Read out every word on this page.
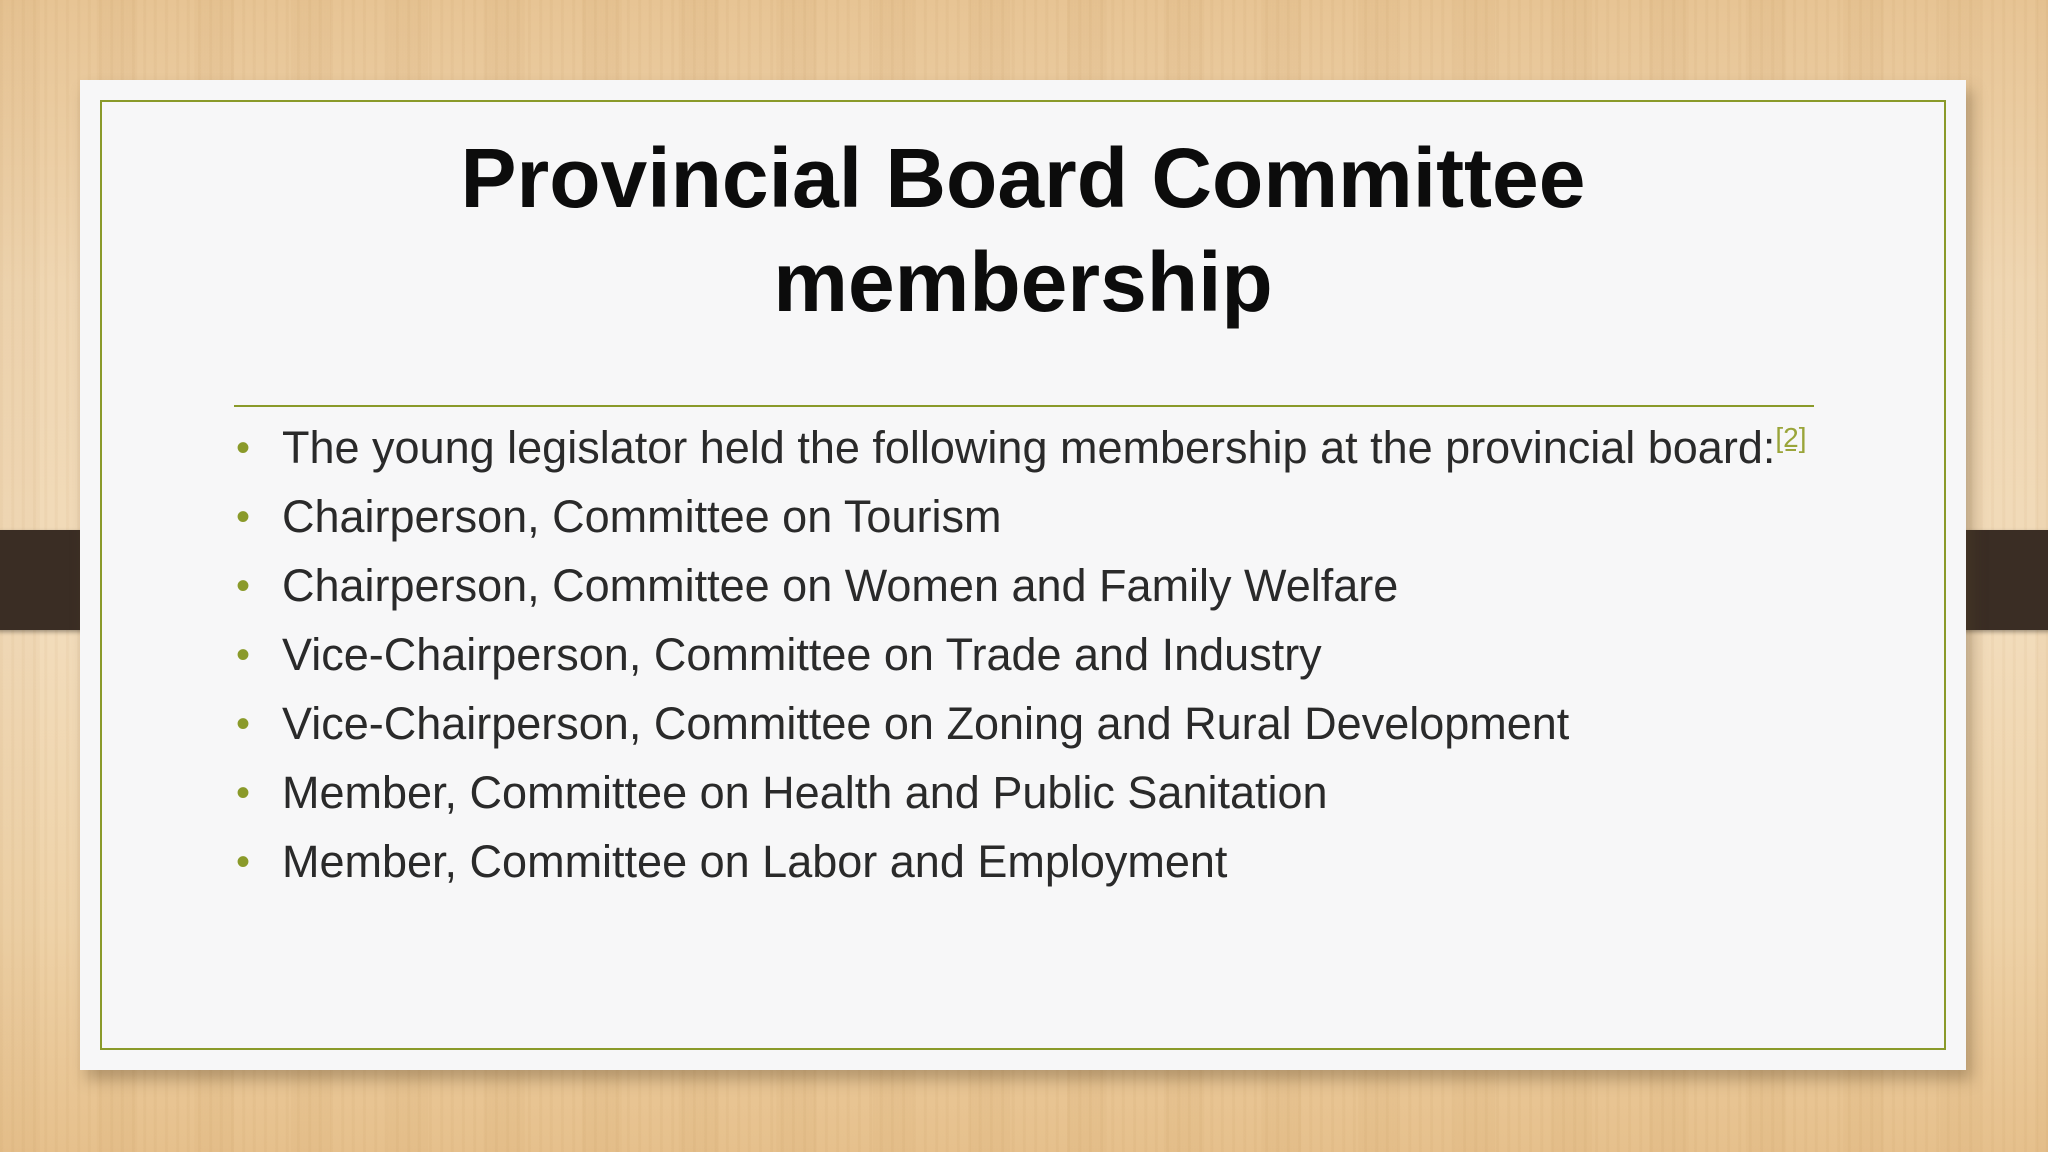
Provincial Board Committee
membership
• The young legislator held the following membership at the provincial board:[2]
• Chairperson, Committee on Tourism
• Chairperson, Committee on Women and Family Welfare
• Vice-Chairperson, Committee on Trade and Industry
• Vice-Chairperson, Committee on Zoning and Rural Development
• Member, Committee on Health and Public Sanitation
• Member, Committee on Labor and Employment
